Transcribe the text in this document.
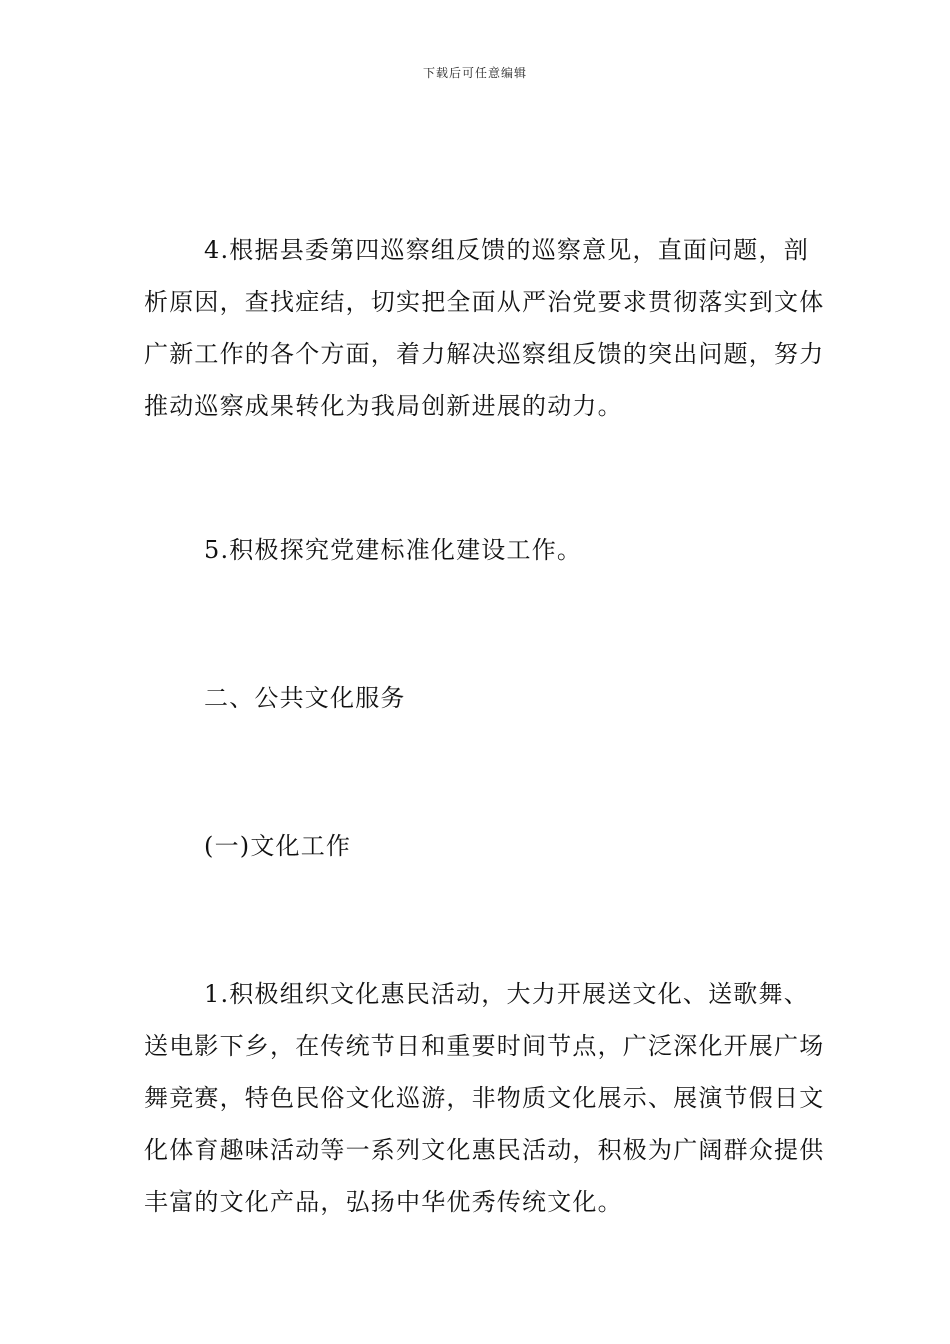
下载后可任意编辑

4.根据县委第四巡察组反馈的巡察意见，直面问题，剖析原因，查找症结，切实把全面从严治党要求贯彻落实到文体广新工作的各个方面，着力解决巡察组反馈的突出问题，努力推动巡察成果转化为我局创新进展的动力。

5.积极探究党建标准化建设工作。

二、公共文化服务

(一)文化工作

1.积极组织文化惠民活动，大力开展送文化、送歌舞、送电影下乡，在传统节日和重要时间节点，广泛深化开展广场舞竞赛，特色民俗文化巡游，非物质文化展示、展演节假日文化体育趣味活动等一系列文化惠民活动，积极为广阔群众提供丰富的文化产品，弘扬中华优秀传统文化。
